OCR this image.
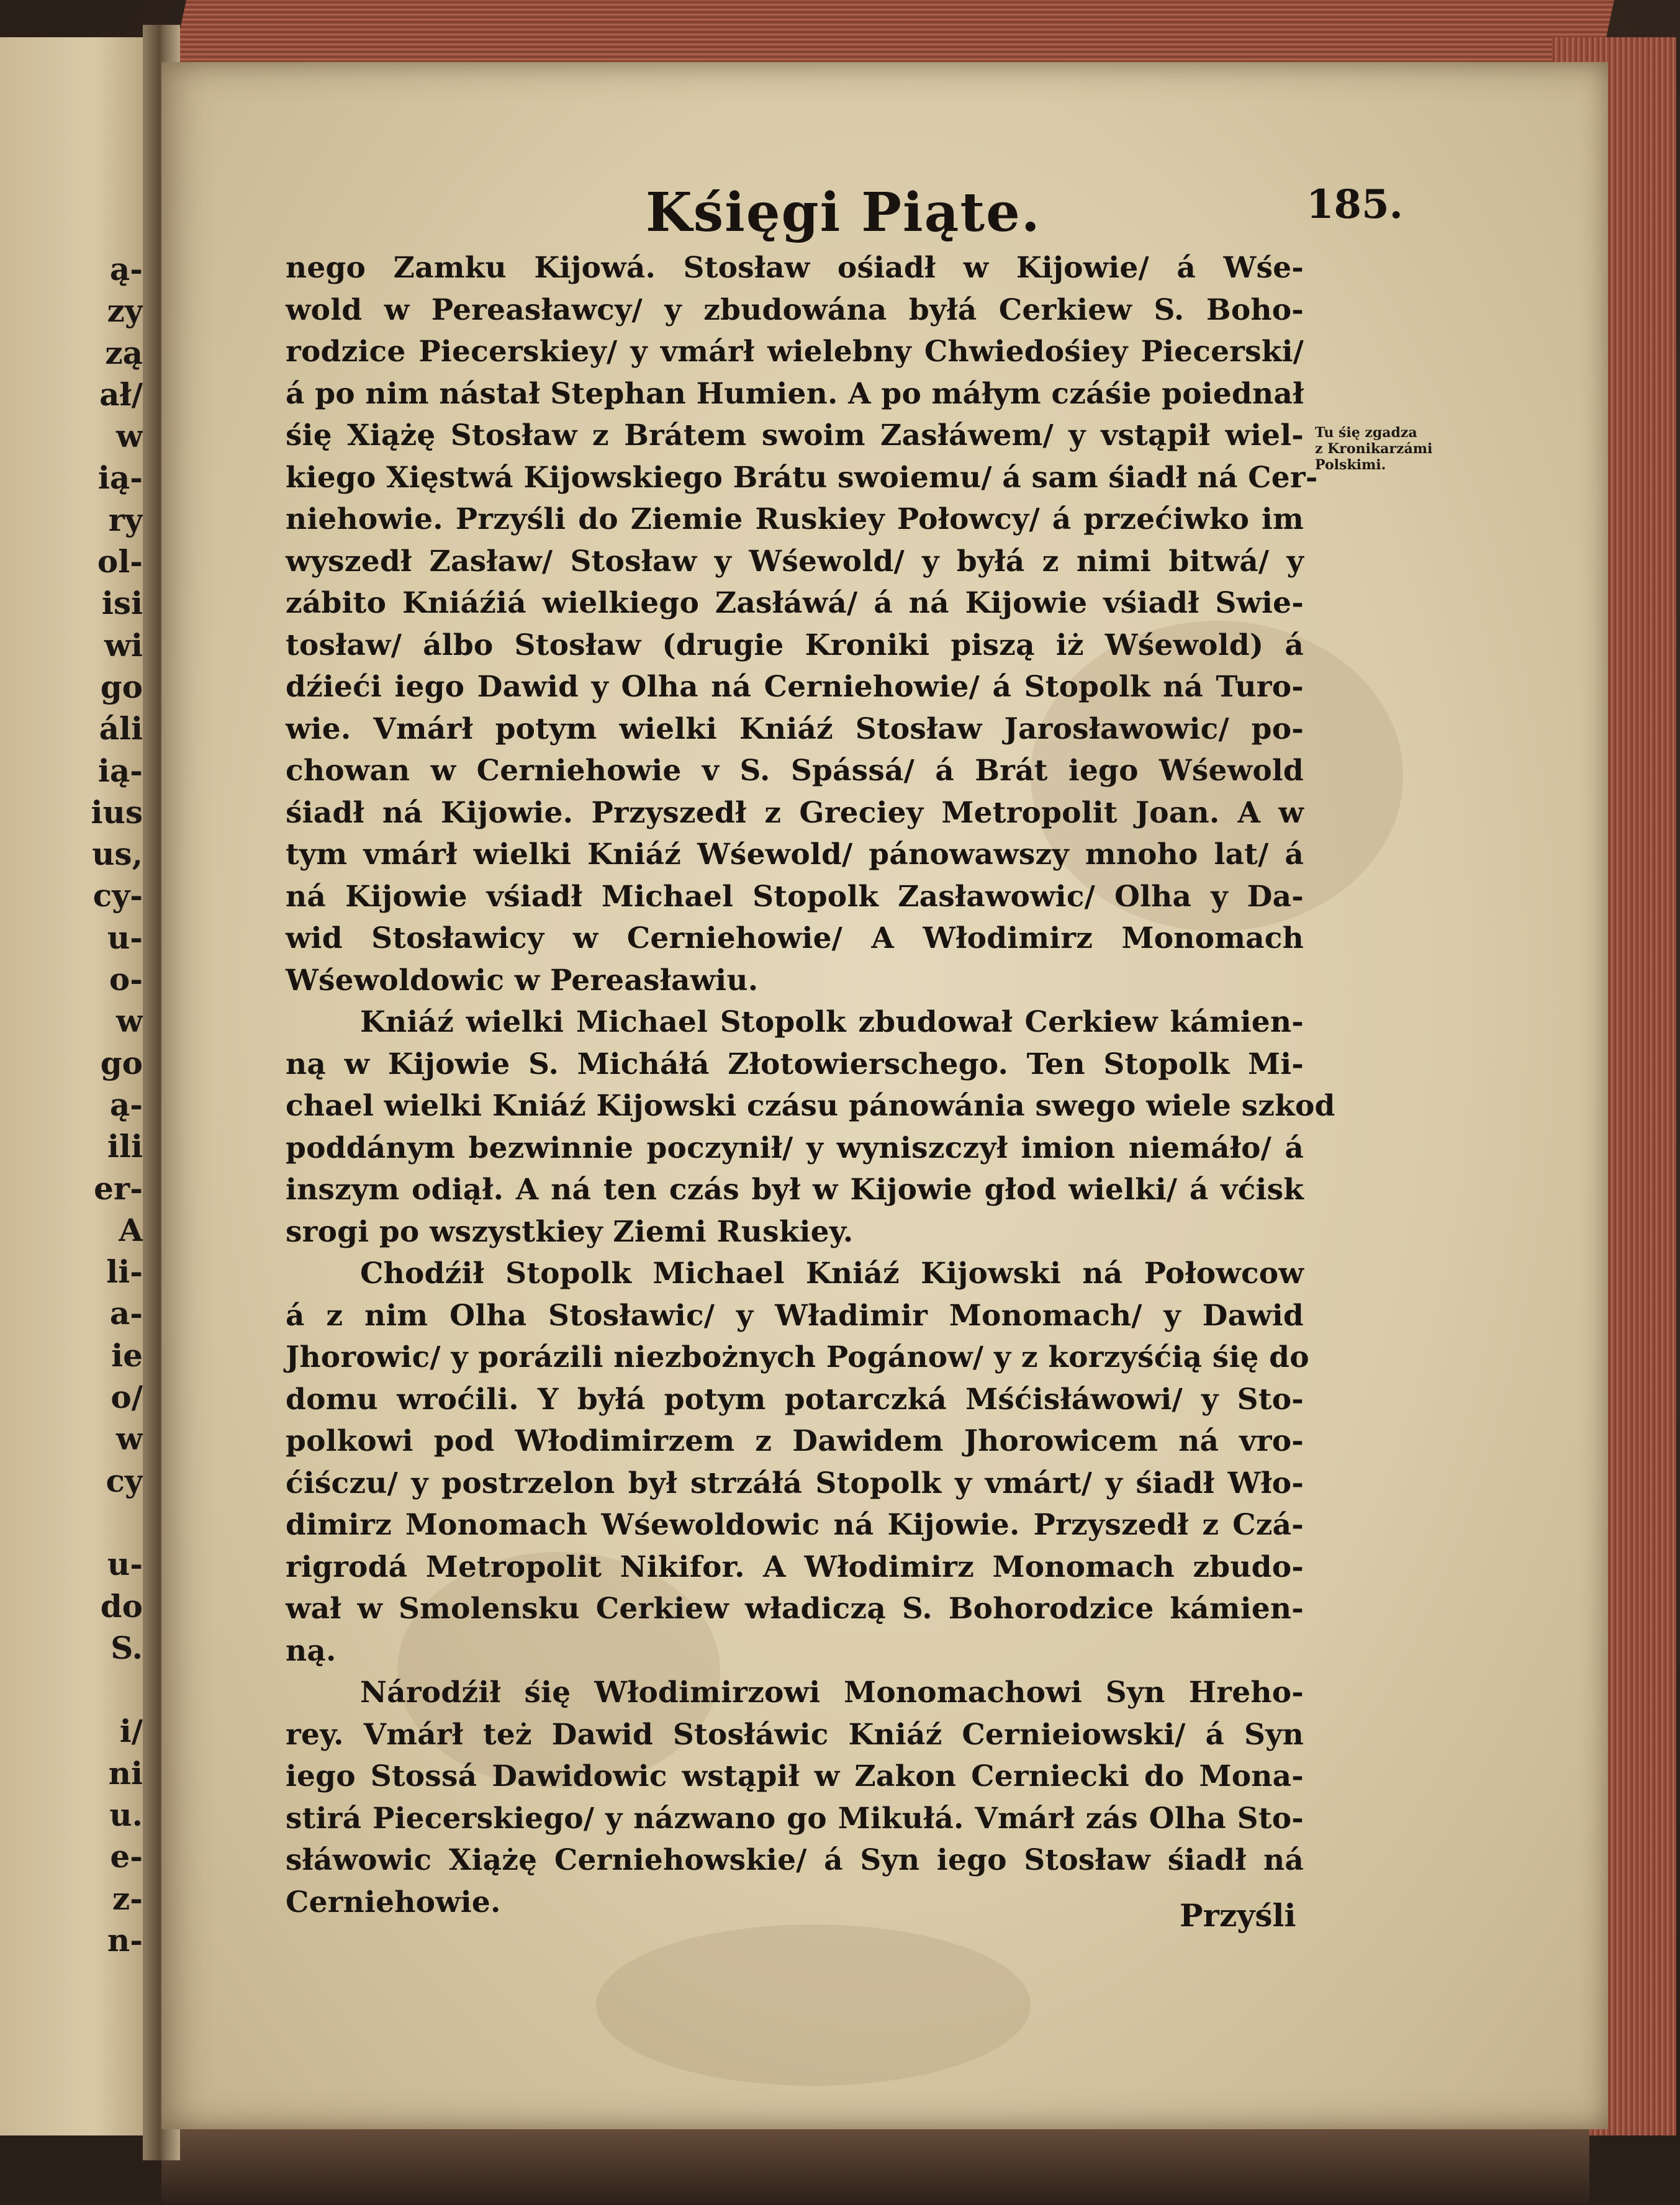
ą‑
zy
zą
ał/
w
ią‑
ry
ol‑
isi
wi
go
áli
ią‑
ius
us,
cy‑
u‑
o‑
w
go
ą‑
ili
er‑
A
li‑
a‑
ie
o/
w
cy
u‑
do
S.
i/
ni
u.
e‑
z‑
n‑
Kśięgi Piąte.	185.
nego Zamku Kijowá. Stosław ośiadł w Kijowie/ á Wśe‑
wold w Pereasławcy/ y zbudowána byłá Cerkiew S. Boho‑
rodzice Piecerskiey/ y vmárł wielebny Chwiedośiey Piecerski/
á po nim nástał Stephan Humien. A po máłym czáśie poiednał
śię Xiążę Stosław z Brátem swoim Zasłáwem/ y vstąpił wiel‑
kiego Xięstwá Kijowskiego Brátu swoiemu/ á sam śiadł ná Cer‑
niehowie. Przyśli do Ziemie Ruskiey Połowcy/ á przećiwko im
wyszedł Zasław/ Stosław y Wśewold/ y byłá z nimi bitwá/ y
zábito Kniáźiá wielkiego Zasłáwá/ á ná Kijowie vśiadł Swie‑
tosław/ álbo Stosław (drugie Kroniki piszą iż Wśewold) á
dźieći iego Dawid y Olha ná Cerniehowie/ á Stopolk ná Turo‑
wie. Vmárł potym wielki Kniáź Stosław Jarosławowic/ po‑
chowan w Cerniehowie v S. Spássá/ á Brát iego Wśewold
śiadł ná Kijowie. Przyszedł z Greciey Metropolit Joan. A w
tym vmárł wielki Kniáź Wśewold/ pánowawszy mnoho lat/ á
ná Kijowie vśiadł Michael Stopolk Zasławowic/ Olha y Da‑
wid Stosławicy w Cerniehowie/ A Włodimirz Monomach
Wśewoldowic w Pereasławiu.
Kniáź wielki Michael Stopolk zbudował Cerkiew kámien‑
ną w Kijowie S. Micháłá Złotowierschego. Ten Stopolk Mi‑
chael wielki Kniáź Kijowski czásu pánowánia swego wiele szkod
poddánym bezwinnie poczynił/ y wyniszczył imion niemáło/ á
inszym odiął. A ná ten czás był w Kijowie głod wielki/ á vćisk
srogi po wszystkiey Ziemi Ruskiey.
Chodźił Stopolk Michael Kniáź Kijowski ná Połowcow
á z nim Olha Stosławic/ y Władimir Monomach/ y Dawid
Jhorowic/ y porázili niezbożnych Pogánow/ y z korzyśćią śię do
domu wroćili. Y byłá potym potarczká Mśćisłáwowi/ y Sto‑
polkowi pod Włodimirzem z Dawidem Jhorowicem ná vro‑
ćiśczu/ y postrzelon był strzáłá Stopolk y vmárt/ y śiadł Wło‑
dimirz Monomach Wśewoldowic ná Kijowie. Przyszedł z Czá‑
rigrodá Metropolit Nikifor. A Włodimirz Monomach zbudo‑
wał w Smolensku Cerkiew władiczą S. Bohorodzice kámien‑
ną.
Národźił śię Włodimirzowi Monomachowi Syn Hreho‑
rey. Vmárł też Dawid Stosłáwic Kniáź Cernieiowski/ á Syn
iego Stossá Dawidowic wstąpił w Zakon Cerniecki do Mona‑
stirá Piecerskiego/ y názwano go Mikułá. Vmárł zás Olha Sto‑
słáwowic Xiążę Cerniehowskie/ á Syn iego Stosław śiadł ná
Cerniehowie.
Tu śię zgadza
z Kronikarzámi
Polskimi.
Przyśli
